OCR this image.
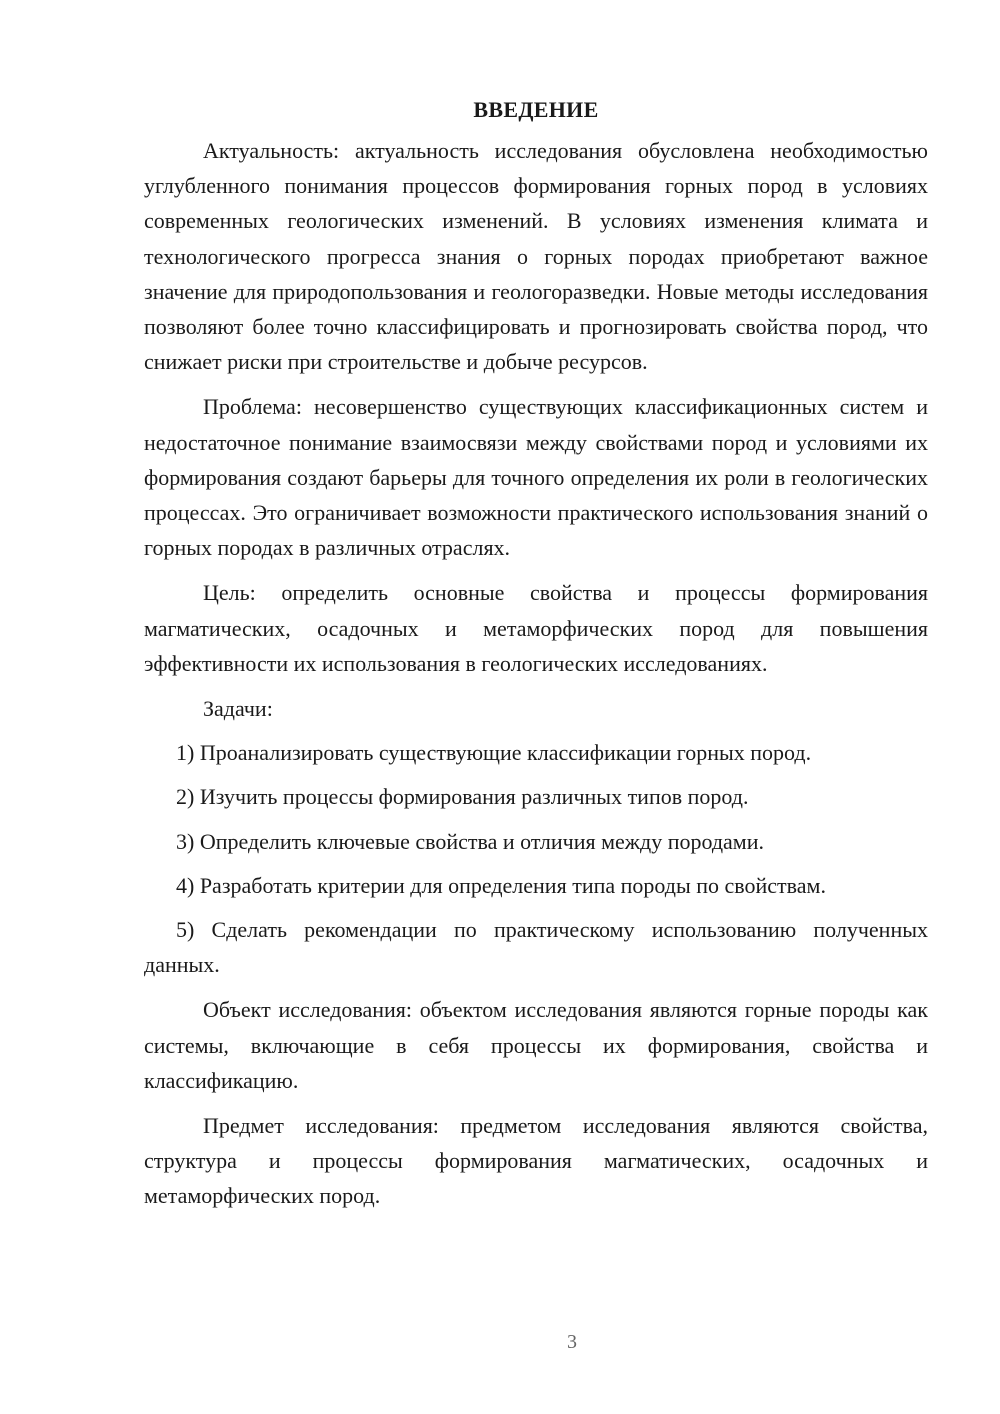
ВВЕДЕНИЕ

Актуальность: актуальность исследования обусловлена необходимостью углубленного понимания процессов формирования горных пород в условиях современных геологических изменений. В условиях изменения климата и технологического прогресса знания о горных породах приобретают важное значение для природопользования и геологоразведки. Новые методы исследования позволяют более точно классифицировать и прогнозировать свойства пород, что снижает риски при строительстве и добыче ресурсов.

Проблема: несовершенство существующих классификационных систем и недостаточное понимание взаимосвязи между свойствами пород и условиями их формирования создают барьеры для точного определения их роли в геологических процессах. Это ограничивает возможности практического использования знаний о горных породах в различных отраслях.

Цель: определить основные свойства и процессы формирования магматических, осадочных и метаморфических пород для повышения эффективности их использования в геологических исследованиях.

Задачи:

1) Проанализировать существующие классификации горных пород.

2) Изучить процессы формирования различных типов пород.

3) Определить ключевые свойства и отличия между породами.

4) Разработать критерии для определения типа породы по свойствам.

5) Сделать рекомендации по практическому использованию полученных данных.

Объект исследования: объектом исследования являются горные породы как системы, включающие в себя процессы их формирования, свойства и классификацию.

Предмет исследования: предметом исследования являются свойства, структура и процессы формирования магматических, осадочных и метаморфических пород.

3
